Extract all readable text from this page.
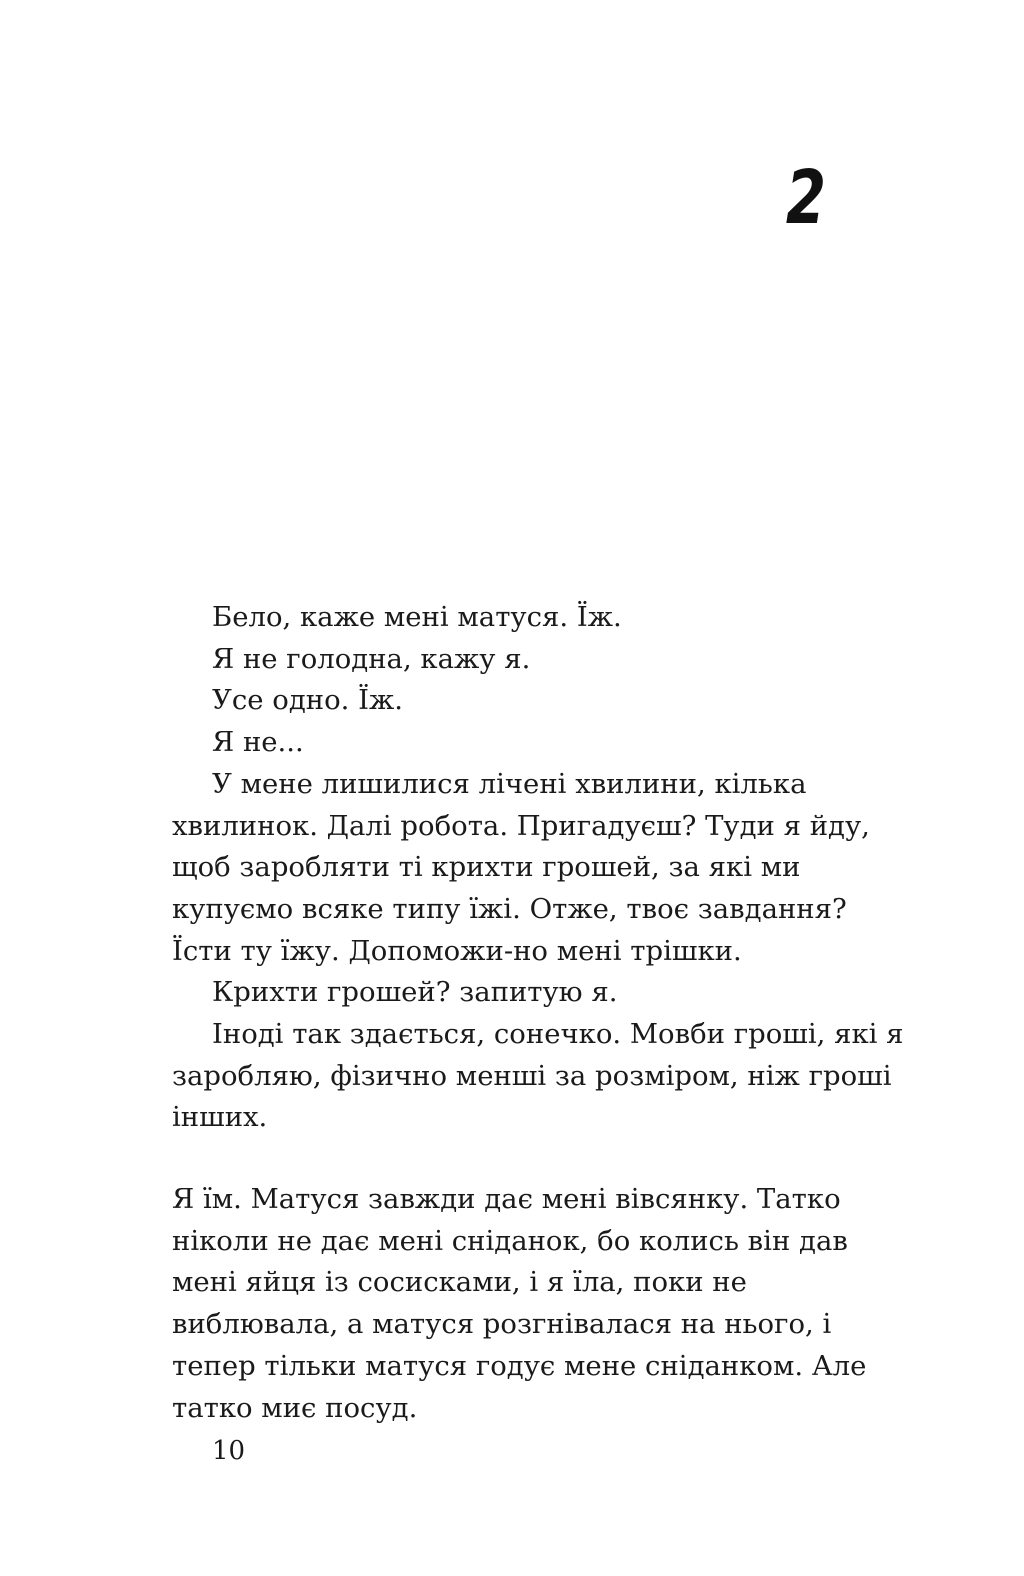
2

Бело, каже мені матуся. Їж.

Я не голодна, кажу я.

Усе одно. Їж.

Я не...

У мене лишилися лічені хвилини, кілька хвилинок. Далі робота. Пригадуєш? Туди я йду, щоб заробляти ті крихти грошей, за які ми купуємо всяке типу їжі. Отже, твоє завдання? Їсти ту їжу. Допоможи-но мені трішки.

Крихти грошей? запитую я.

Іноді так здається, сонечко. Мовби гроші, які я заробляю, фізично менші за розміром, ніж гроші інших.

Я їм. Матуся завжди дає мені вівсянку. Татко ніколи не дає мені сніданок, бо колись він дав мені яйця із сосисками, і я їла, поки не виблювала, а матуся розгнівалася на нього, і тепер тільки матуся годує мене сніданком. Але татко миє посуд.

10
